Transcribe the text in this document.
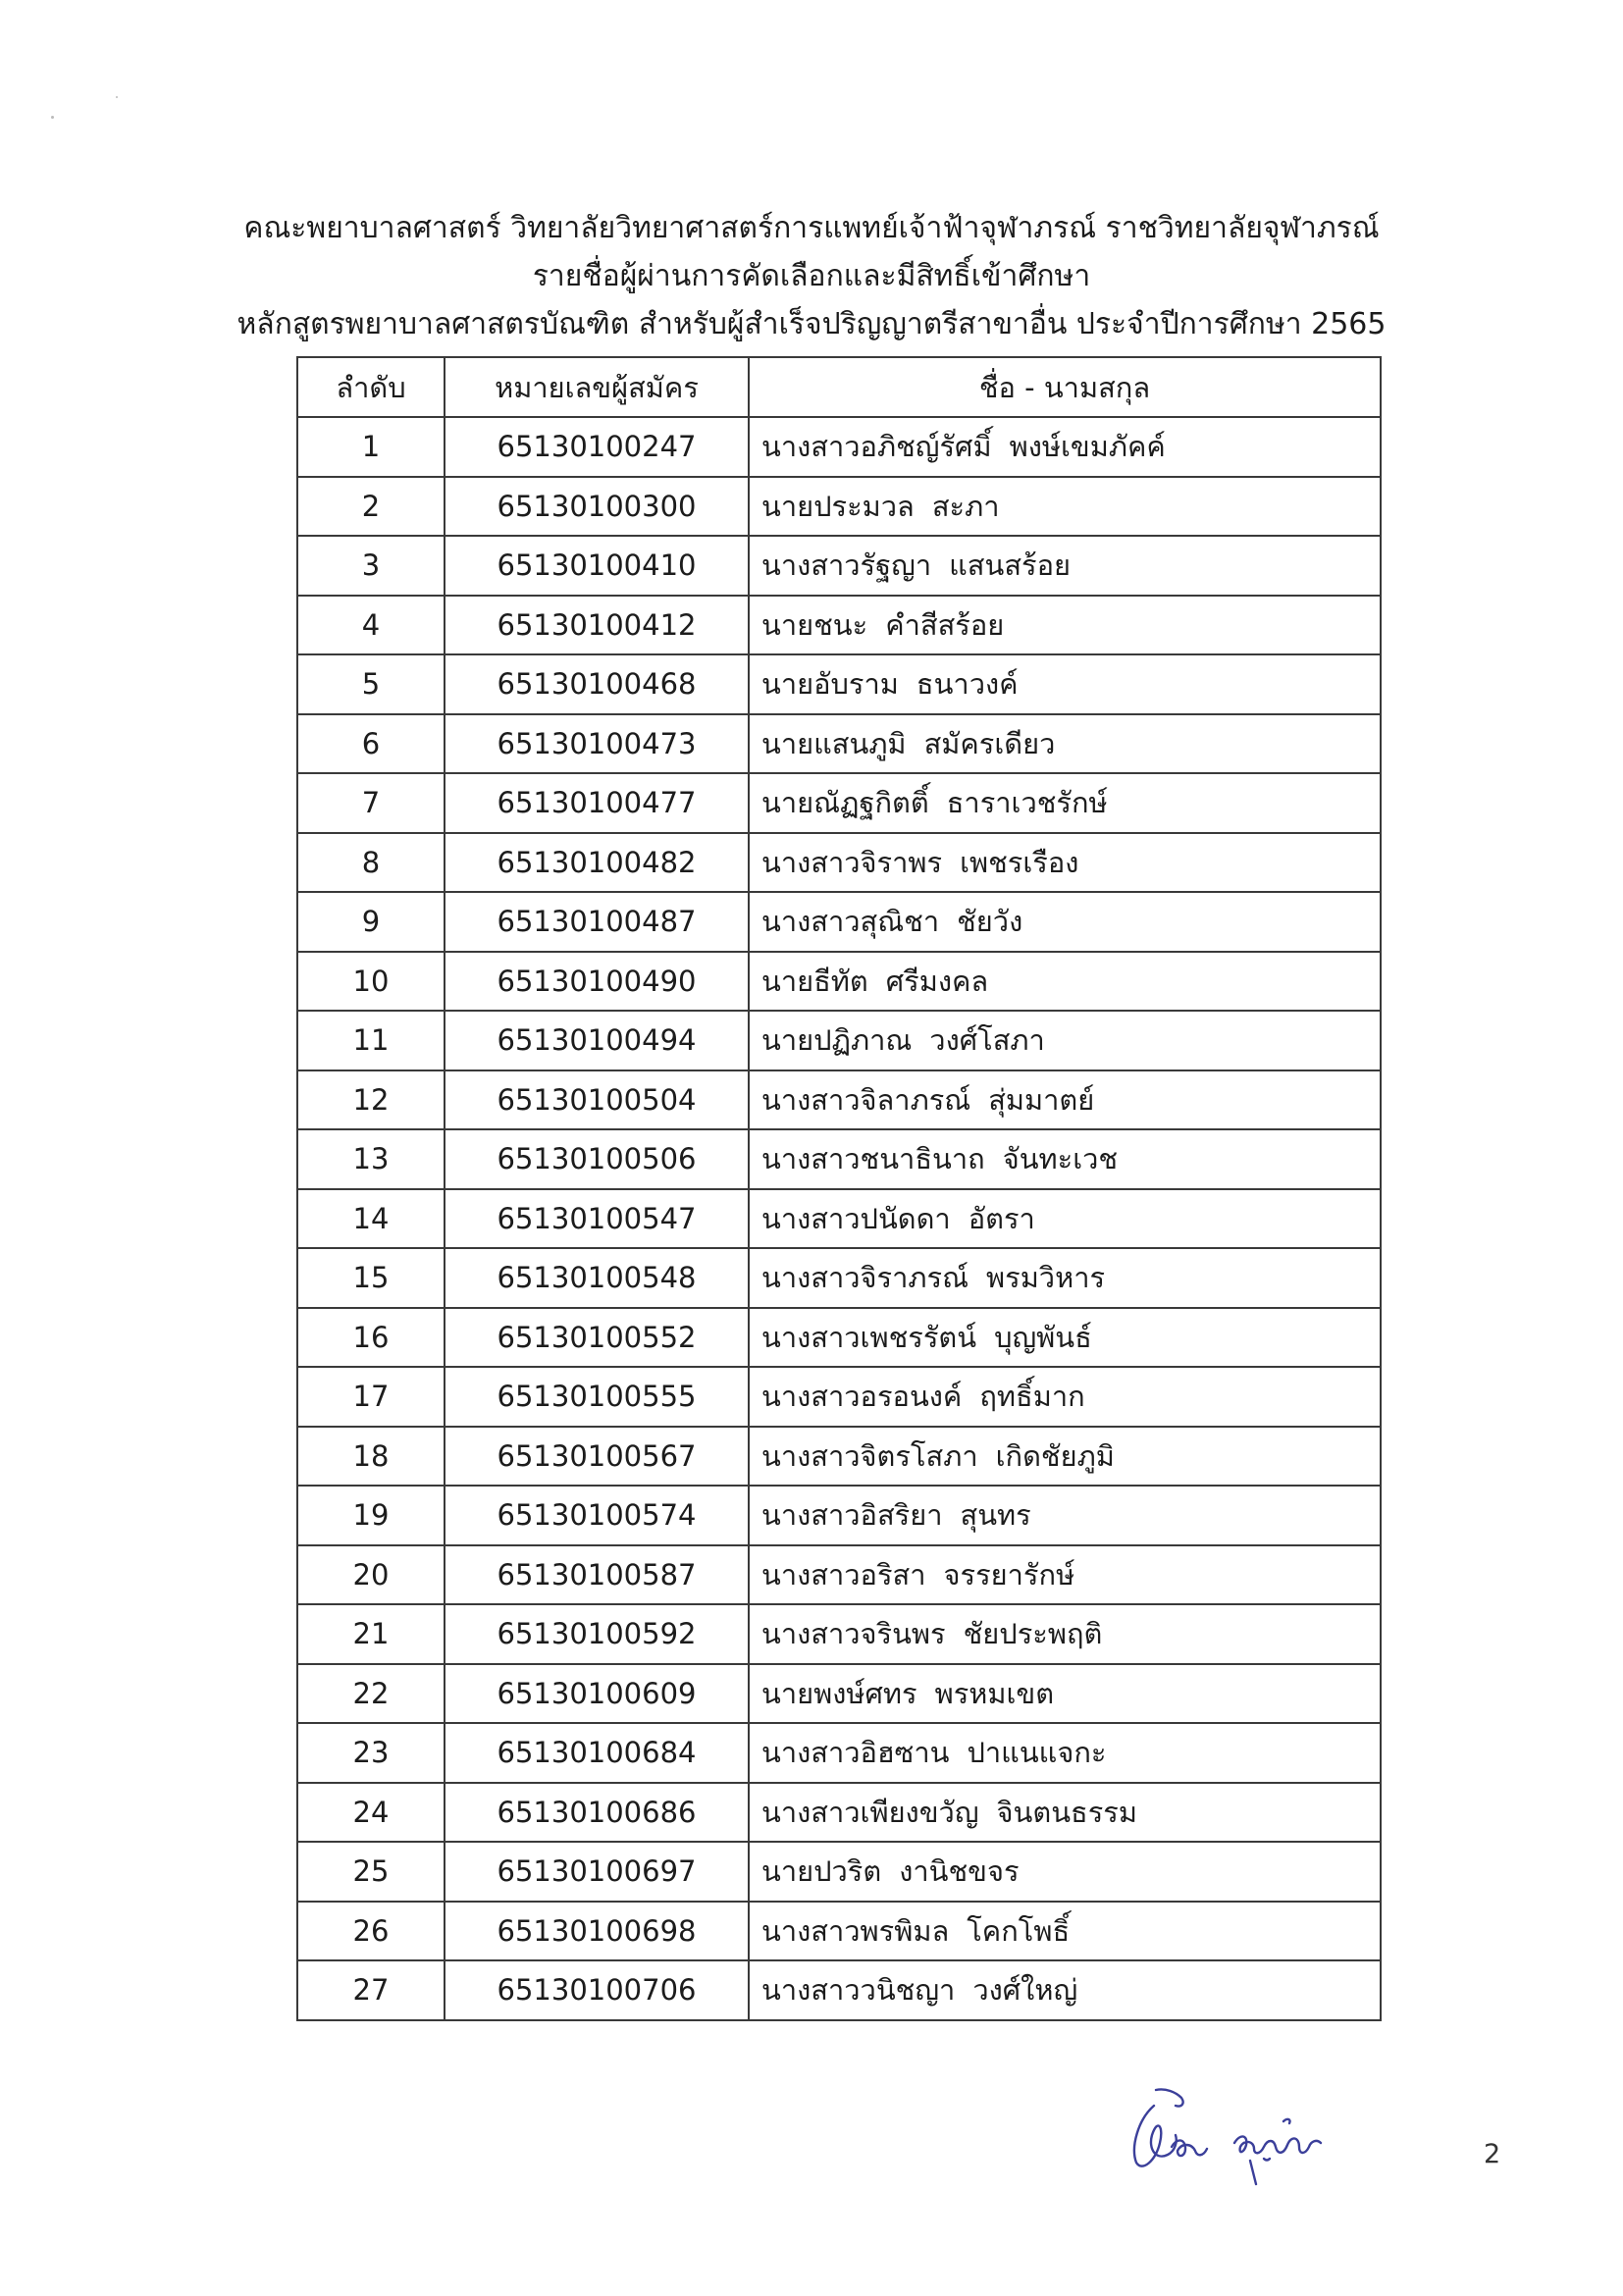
คณะพยาบาลศาสตร์ วิทยาลัยวิทยาศาสตร์การแพทย์เจ้าฟ้าจุฬาภรณ์ ราชวิทยาลัยจุฬาภรณ์
รายชื่อผู้ผ่านการคัดเลือกและมีสิทธิ์เข้าศึกษา
หลักสูตรพยาบาลศาสตรบัณฑิต สำหรับผู้สำเร็จปริญญาตรีสาขาอื่น ประจำปีการศึกษา 2565
ลำดับ	หมายเลขผู้สมัคร	ชื่อ - นามสกุล
1	65130100247	นางสาวอภิชญ์รัศมิ์ พงษ์เขมภัคค์
2	65130100300	นายประมวล สะภา
3	65130100410	นางสาวรัฐญา แสนสร้อย
4	65130100412	นายชนะ คำสีสร้อย
5	65130100468	นายอับราม ธนาวงค์
6	65130100473	นายแสนภูมิ สมัครเดียว
7	65130100477	นายณัฏฐกิตติ์ ธาราเวชรักษ์
8	65130100482	นางสาวจิราพร เพชรเรือง
9	65130100487	นางสาวสุณิชา ชัยวัง
10	65130100490	นายธีทัต ศรีมงคล
11	65130100494	นายปฏิภาณ วงศ์โสภา
12	65130100504	นางสาวจิลาภรณ์ สุ่มมาตย์
13	65130100506	นางสาวชนาธินาถ จันทะเวช
14	65130100547	นางสาวปนัดดา อัตรา
15	65130100548	นางสาวจิราภรณ์ พรมวิหาร
16	65130100552	นางสาวเพชรรัตน์ บุญพันธ์
17	65130100555	นางสาวอรอนงค์ ฤทธิ์มาก
18	65130100567	นางสาวจิตรโสภา เกิดชัยภูมิ
19	65130100574	นางสาวอิสริยา สุนทร
20	65130100587	นางสาวอริสา จรรยารักษ์
21	65130100592	นางสาวจรินพร ชัยประพฤติ
22	65130100609	นายพงษ์ศทร พรหมเขต
23	65130100684	นางสาวอิฮซาน ปาแนแจกะ
24	65130100686	นางสาวเพียงขวัญ จินตนธรรม
25	65130100697	นายปวริต งานิชขจร
26	65130100698	นางสาวพรพิมล โคกโพธิ์
27	65130100706	นางสาววนิชญา วงศ์ใหญ่
2
